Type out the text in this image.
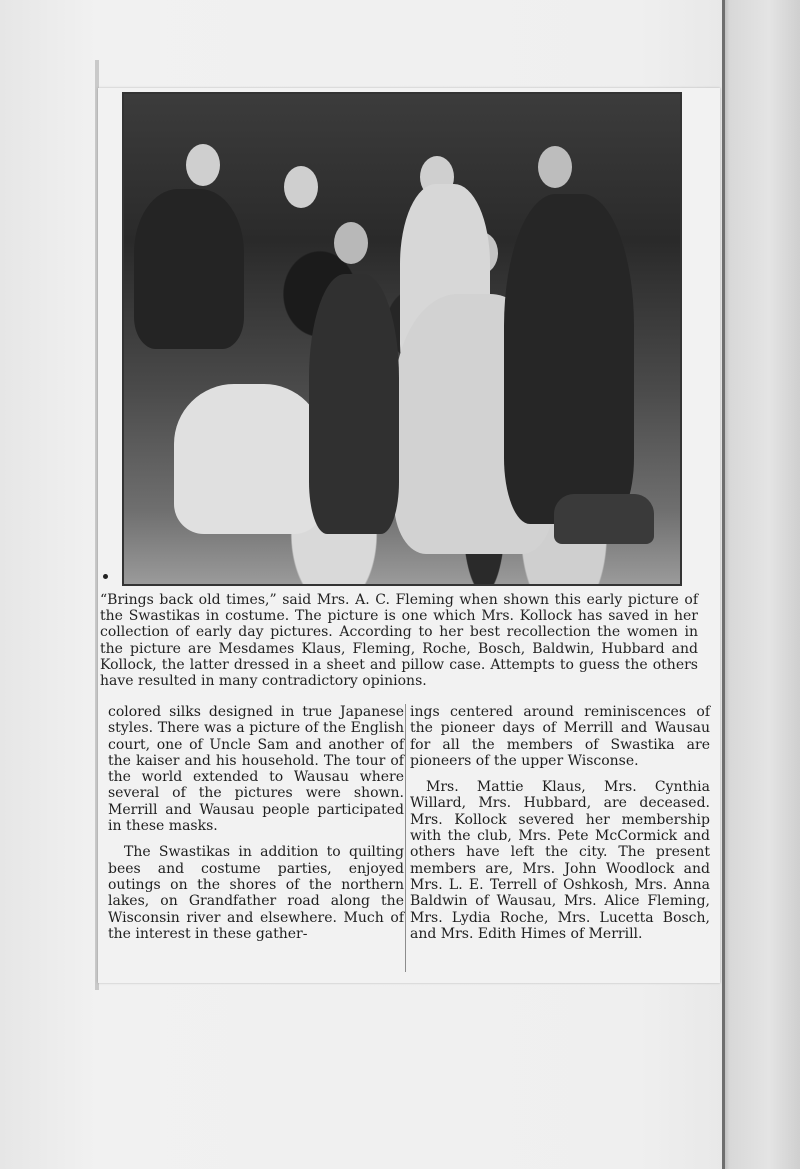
“Brings back old times,” said Mrs. A. C. Fleming when shown this early picture of the Swastikas in costume. The picture is one which Mrs. Kollock has saved in her collection of early day pictures. According to her best recollection the women in the picture are Mesdames Klaus, Fleming, Roche, Bosch, Baldwin, Hubbard and Kollock, the latter dressed in a sheet and pillow case. Attempts to guess the others have resulted in many contradictory opinions.

colored silks designed in true Japanese styles. There was a picture of the English court, one of Uncle Sam and another of the kaiser and his household. The tour of the world extended to Wausau where several of the pictures were shown. Merrill and Wausau people participated in these masks.

The Swastikas in addition to quilting bees and costume parties, enjoyed outings on the shores of the northern lakes, on Grandfather road along the Wisconsin river and elsewhere. Much of the interest in these gather-

ings centered around reminiscences of the pioneer days of Merrill and Wausau for all the members of Swastika are pioneers of the upper Wisconse.

Mrs. Mattie Klaus, Mrs. Cynthia Willard, Mrs. Hubbard, are deceased. Mrs. Kollock severed her membership with the club, Mrs. Pete McCormick and others have left the city. The present members are, Mrs. John Woodlock and Mrs. L. E. Terrell of Oshkosh, Mrs. Anna Baldwin of Wausau, Mrs. Alice Fleming, Mrs. Lydia Roche, Mrs. Lucetta Bosch, and Mrs. Edith Himes of Merrill.
